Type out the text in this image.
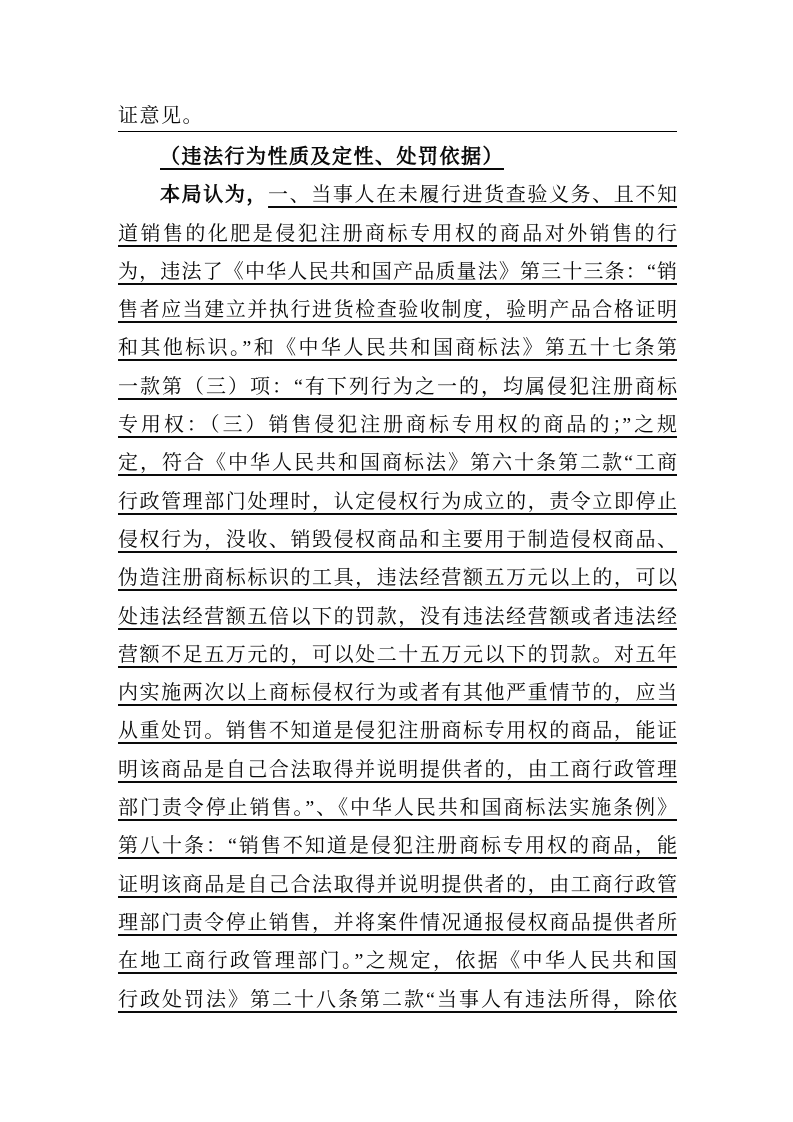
证意见。
（违法行为性质及定性、处罚依据）
本局认为，一、当事人在未履行进货查验义务、且不知
道销售的化肥是侵犯注册商标专用权的商品对外销售的行
为，违法了《中华人民共和国产品质量法》第三十三条：“销
售者应当建立并执行进货检查验收制度，验明产品合格证明
和其他标识。”和《中华人民共和国商标法》第五十七条第
一款第（三）项：“有下列行为之一的，均属侵犯注册商标
专用权：（三）销售侵犯注册商标专用权的商品的；”之规
定，符合《中华人民共和国商标法》第六十条第二款“工商
行政管理部门处理时，认定侵权行为成立的，责令立即停止
侵权行为，没收、销毁侵权商品和主要用于制造侵权商品、
伪造注册商标标识的工具，违法经营额五万元以上的，可以
处违法经营额五倍以下的罚款，没有违法经营额或者违法经
营额不足五万元的，可以处二十五万元以下的罚款。对五年
内实施两次以上商标侵权行为或者有其他严重情节的，应当
从重处罚。销售不知道是侵犯注册商标专用权的商品，能证
明该商品是自己合法取得并说明提供者的，由工商行政管理
部门责令停止销售。”、《中华人民共和国商标法实施条例》
第八十条：“销售不知道是侵犯注册商标专用权的商品，能
证明该商品是自己合法取得并说明提供者的，由工商行政管
理部门责令停止销售，并将案件情况通报侵权商品提供者所
在地工商行政管理部门。”之规定，依据《中华人民共和国
行政处罚法》第二十八条第二款“当事人有违法所得，除依
